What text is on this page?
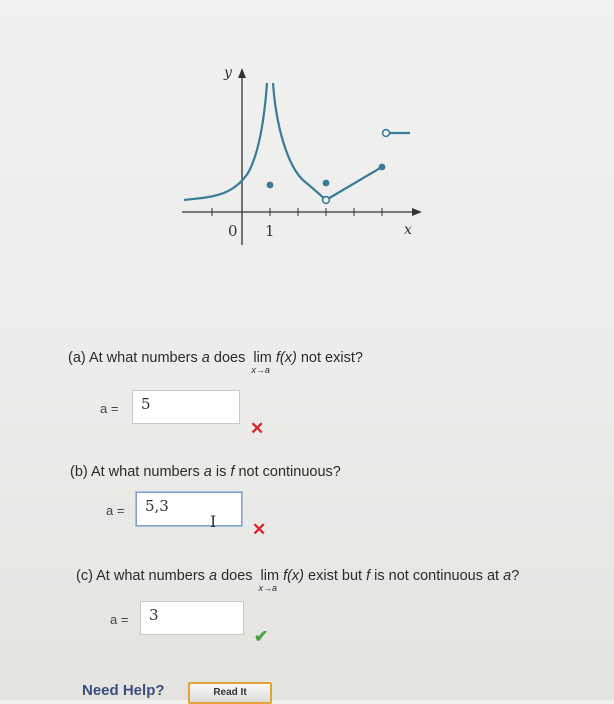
y
x
0 1
(a) At what numbers a does lim
x→a
f(x) not exist?
a =	5
✕
(b) At what numbers a is f not continuous?
a =	5,3
I ✕
(c) At what numbers a does lim
x→a
f(x) exist but f is not continuous at a?
a =	3
✔
Need Help?	Read It
